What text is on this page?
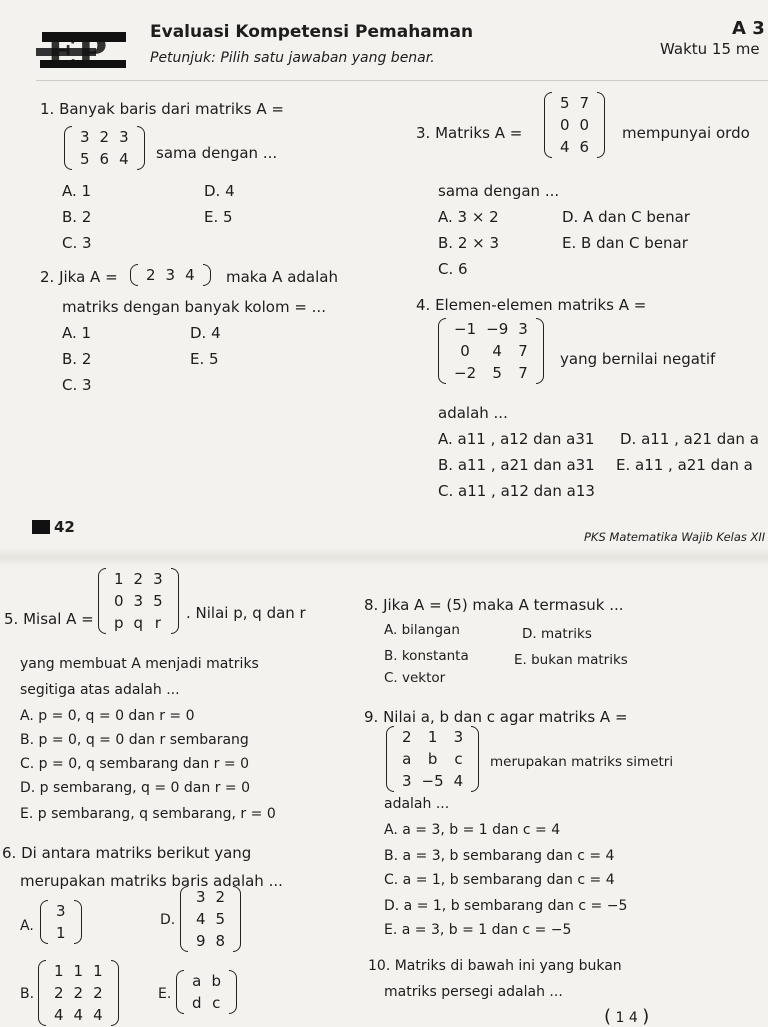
EP	Evaluasi Kompetensi Pemahaman
Petunjuk: Pilih satu jawaban yang benar.
A 3
Waktu 15 me
1. Banyak baris dari matriks A =
3	2	3
5	6	4 sama dengan ...
A. 1	D. 4
B. 2	E. 5
C. 3
2. Jika A = 2	3	4 maka A adalah
matriks dengan banyak kolom = ...
A. 1	D. 4
B. 2	E. 5
C. 3
3. Matriks A =
5	7
0	0
4	6
mempunyai ordo
sama dengan ...
A. 3 × 2	D. A dan C benar
B. 2 × 3	E. B dan C benar
C. 6
4. Elemen-elemen matriks A =
−1	−9	3
0	4	7
−2	5	7
yang bernilai negatif
adalah ...
A. a11 , a12 dan a31 D. a11 , a21 dan a
B. a11 , a21 dan a31 E. a11 , a21 dan a
C. a11 , a12 dan a13
42
PKS Matematika Wajib Kelas XII
5. Misal A =
1	2	3
0	3	5
p	q	r
. Nilai p, q dan r
yang membuat A menjadi matriks
segitiga atas adalah ...
A. p = 0, q = 0 dan r = 0
B. p = 0, q = 0 dan r sembarang
C. p = 0, q sembarang dan r = 0
D. p sembarang, q = 0 dan r = 0
E. p sembarang, q sembarang, r = 0
6. Di antara matriks berikut yang
merupakan matriks baris adalah ...
A.
3
1
D.
3	2
4	5
9	8
B.
1	1	1
2	2	2
4	4	4
E.
a	b
d	c
8. Jika A = (5) maka A termasuk ...
A. bilangan	D. matriks
B. konstanta	E. bukan matriks
C. vektor
9. Nilai a, b dan c agar matriks A =
2	1	3
a	b	c
3	−5	4
merupakan matriks simetri
adalah ...
A. a = 3, b = 1 dan c = 4
B. a = 3, b sembarang dan c = 4
C. a = 1, b sembarang dan c = 4
D. a = 1, b sembarang dan c = −5
E. a = 3, b = 1 dan c = −5
10. Matriks di bawah ini yang bukan
matriks persegi adalah ...
( 1 4 )
